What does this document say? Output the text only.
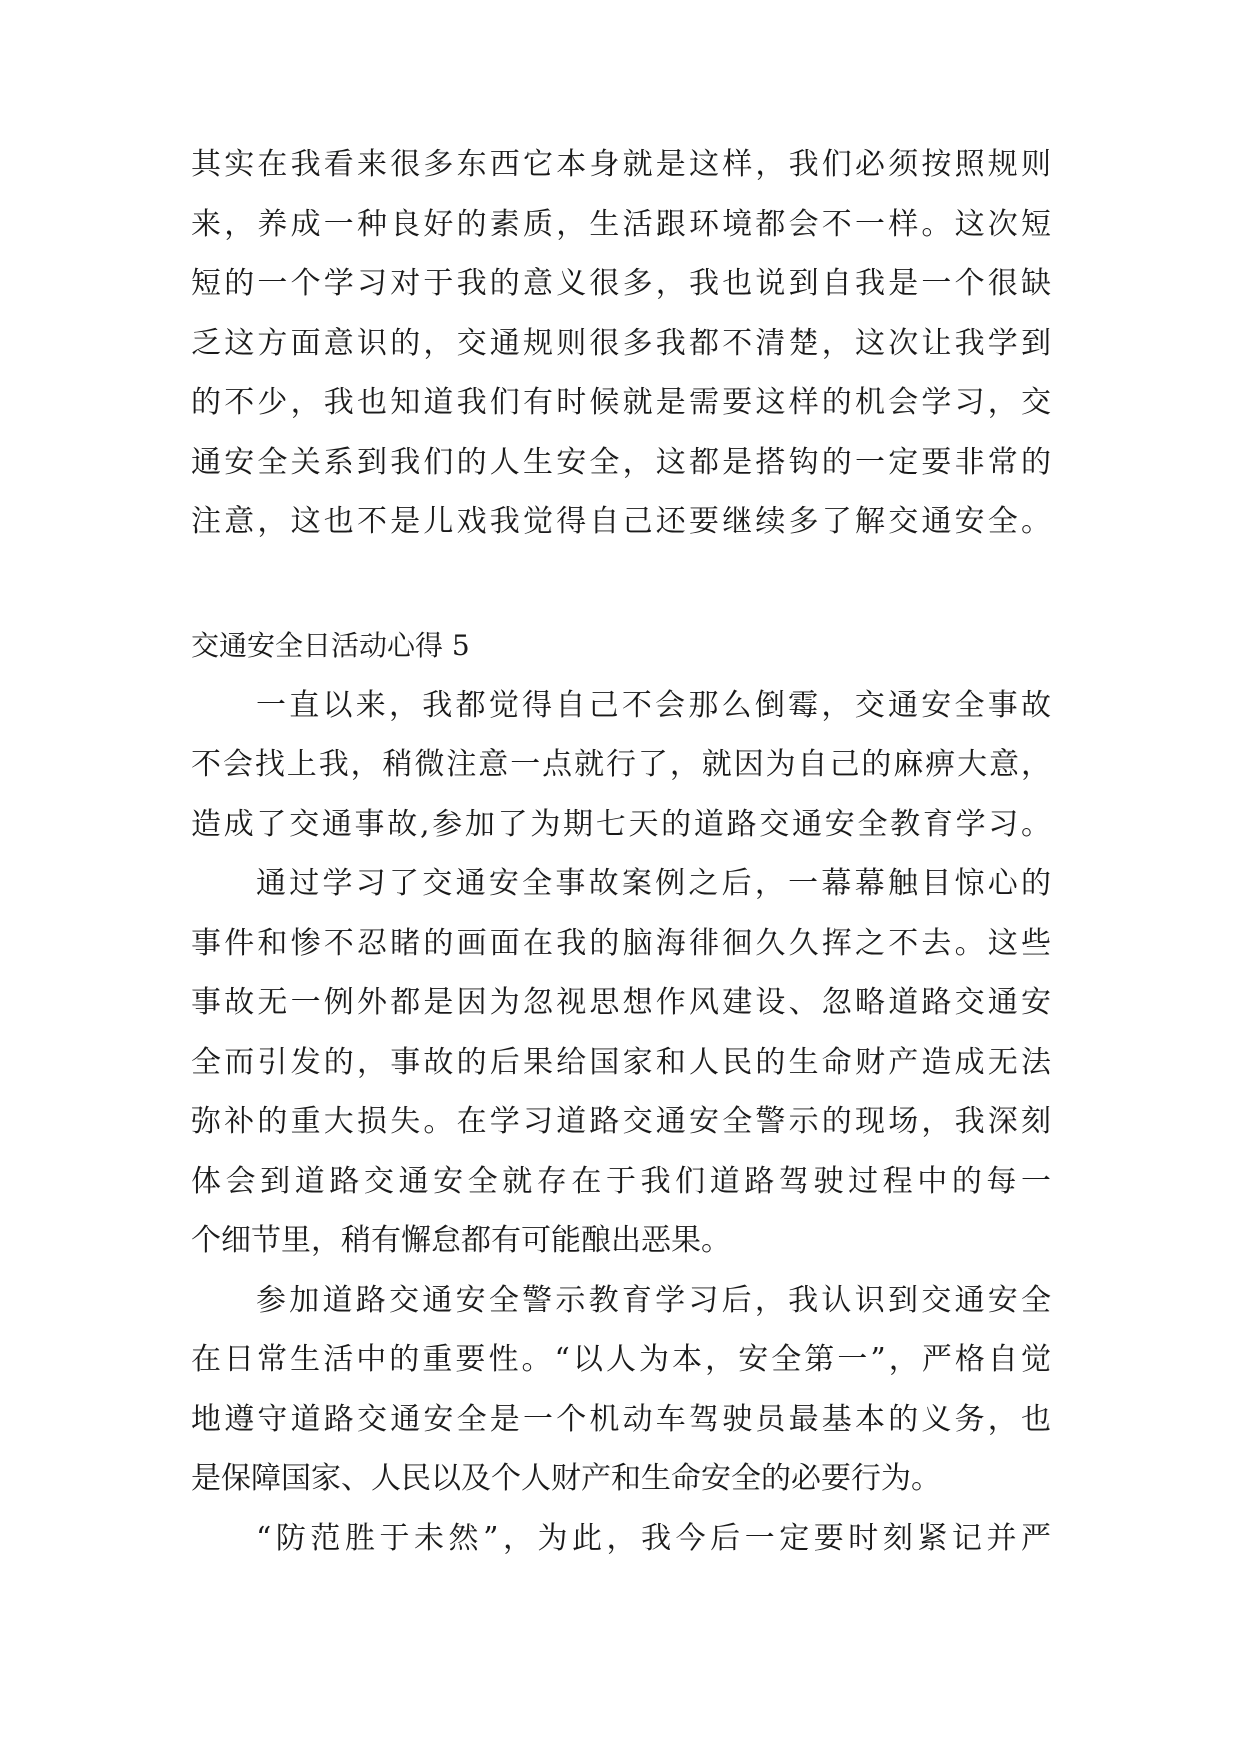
其实在我看来很多东西它本身就是这样，我们必须按照规则
来，养成一种良好的素质，生活跟环境都会不一样。这次短
短的一个学习对于我的意义很多，我也说到自我是一个很缺
乏这方面意识的，交通规则很多我都不清楚，这次让我学到
的不少，我也知道我们有时候就是需要这样的机会学习，交
通安全关系到我们的人生安全，这都是搭钩的一定要非常的
注意，这也不是儿戏我觉得自己还要继续多了解交通安全。
交通安全日活动心得 5
一直以来，我都觉得自己不会那么倒霉，交通安全事故
不会找上我，稍微注意一点就行了，就因为自己的麻痹大意，
造成了交通事故,参加了为期七天的道路交通安全教育学习。
通过学习了交通安全事故案例之后，一幕幕触目惊心的
事件和惨不忍睹的画面在我的脑海徘徊久久挥之不去。这些
事故无一例外都是因为忽视思想作风建设、忽略道路交通安
全而引发的，事故的后果给国家和人民的生命财产造成无法
弥补的重大损失。在学习道路交通安全警示的现场，我深刻
体会到道路交通安全就存在于我们道路驾驶过程中的每一
个细节里，稍有懈怠都有可能酿出恶果。
参加道路交通安全警示教育学习后，我认识到交通安全
在日常生活中的重要性。“以人为本，安全第一”，严格自觉
地遵守道路交通安全是一个机动车驾驶员最基本的义务，也
是保障国家、人民以及个人财产和生命安全的必要行为。
“防范胜于未然”，为此，我今后一定要时刻紧记并严
